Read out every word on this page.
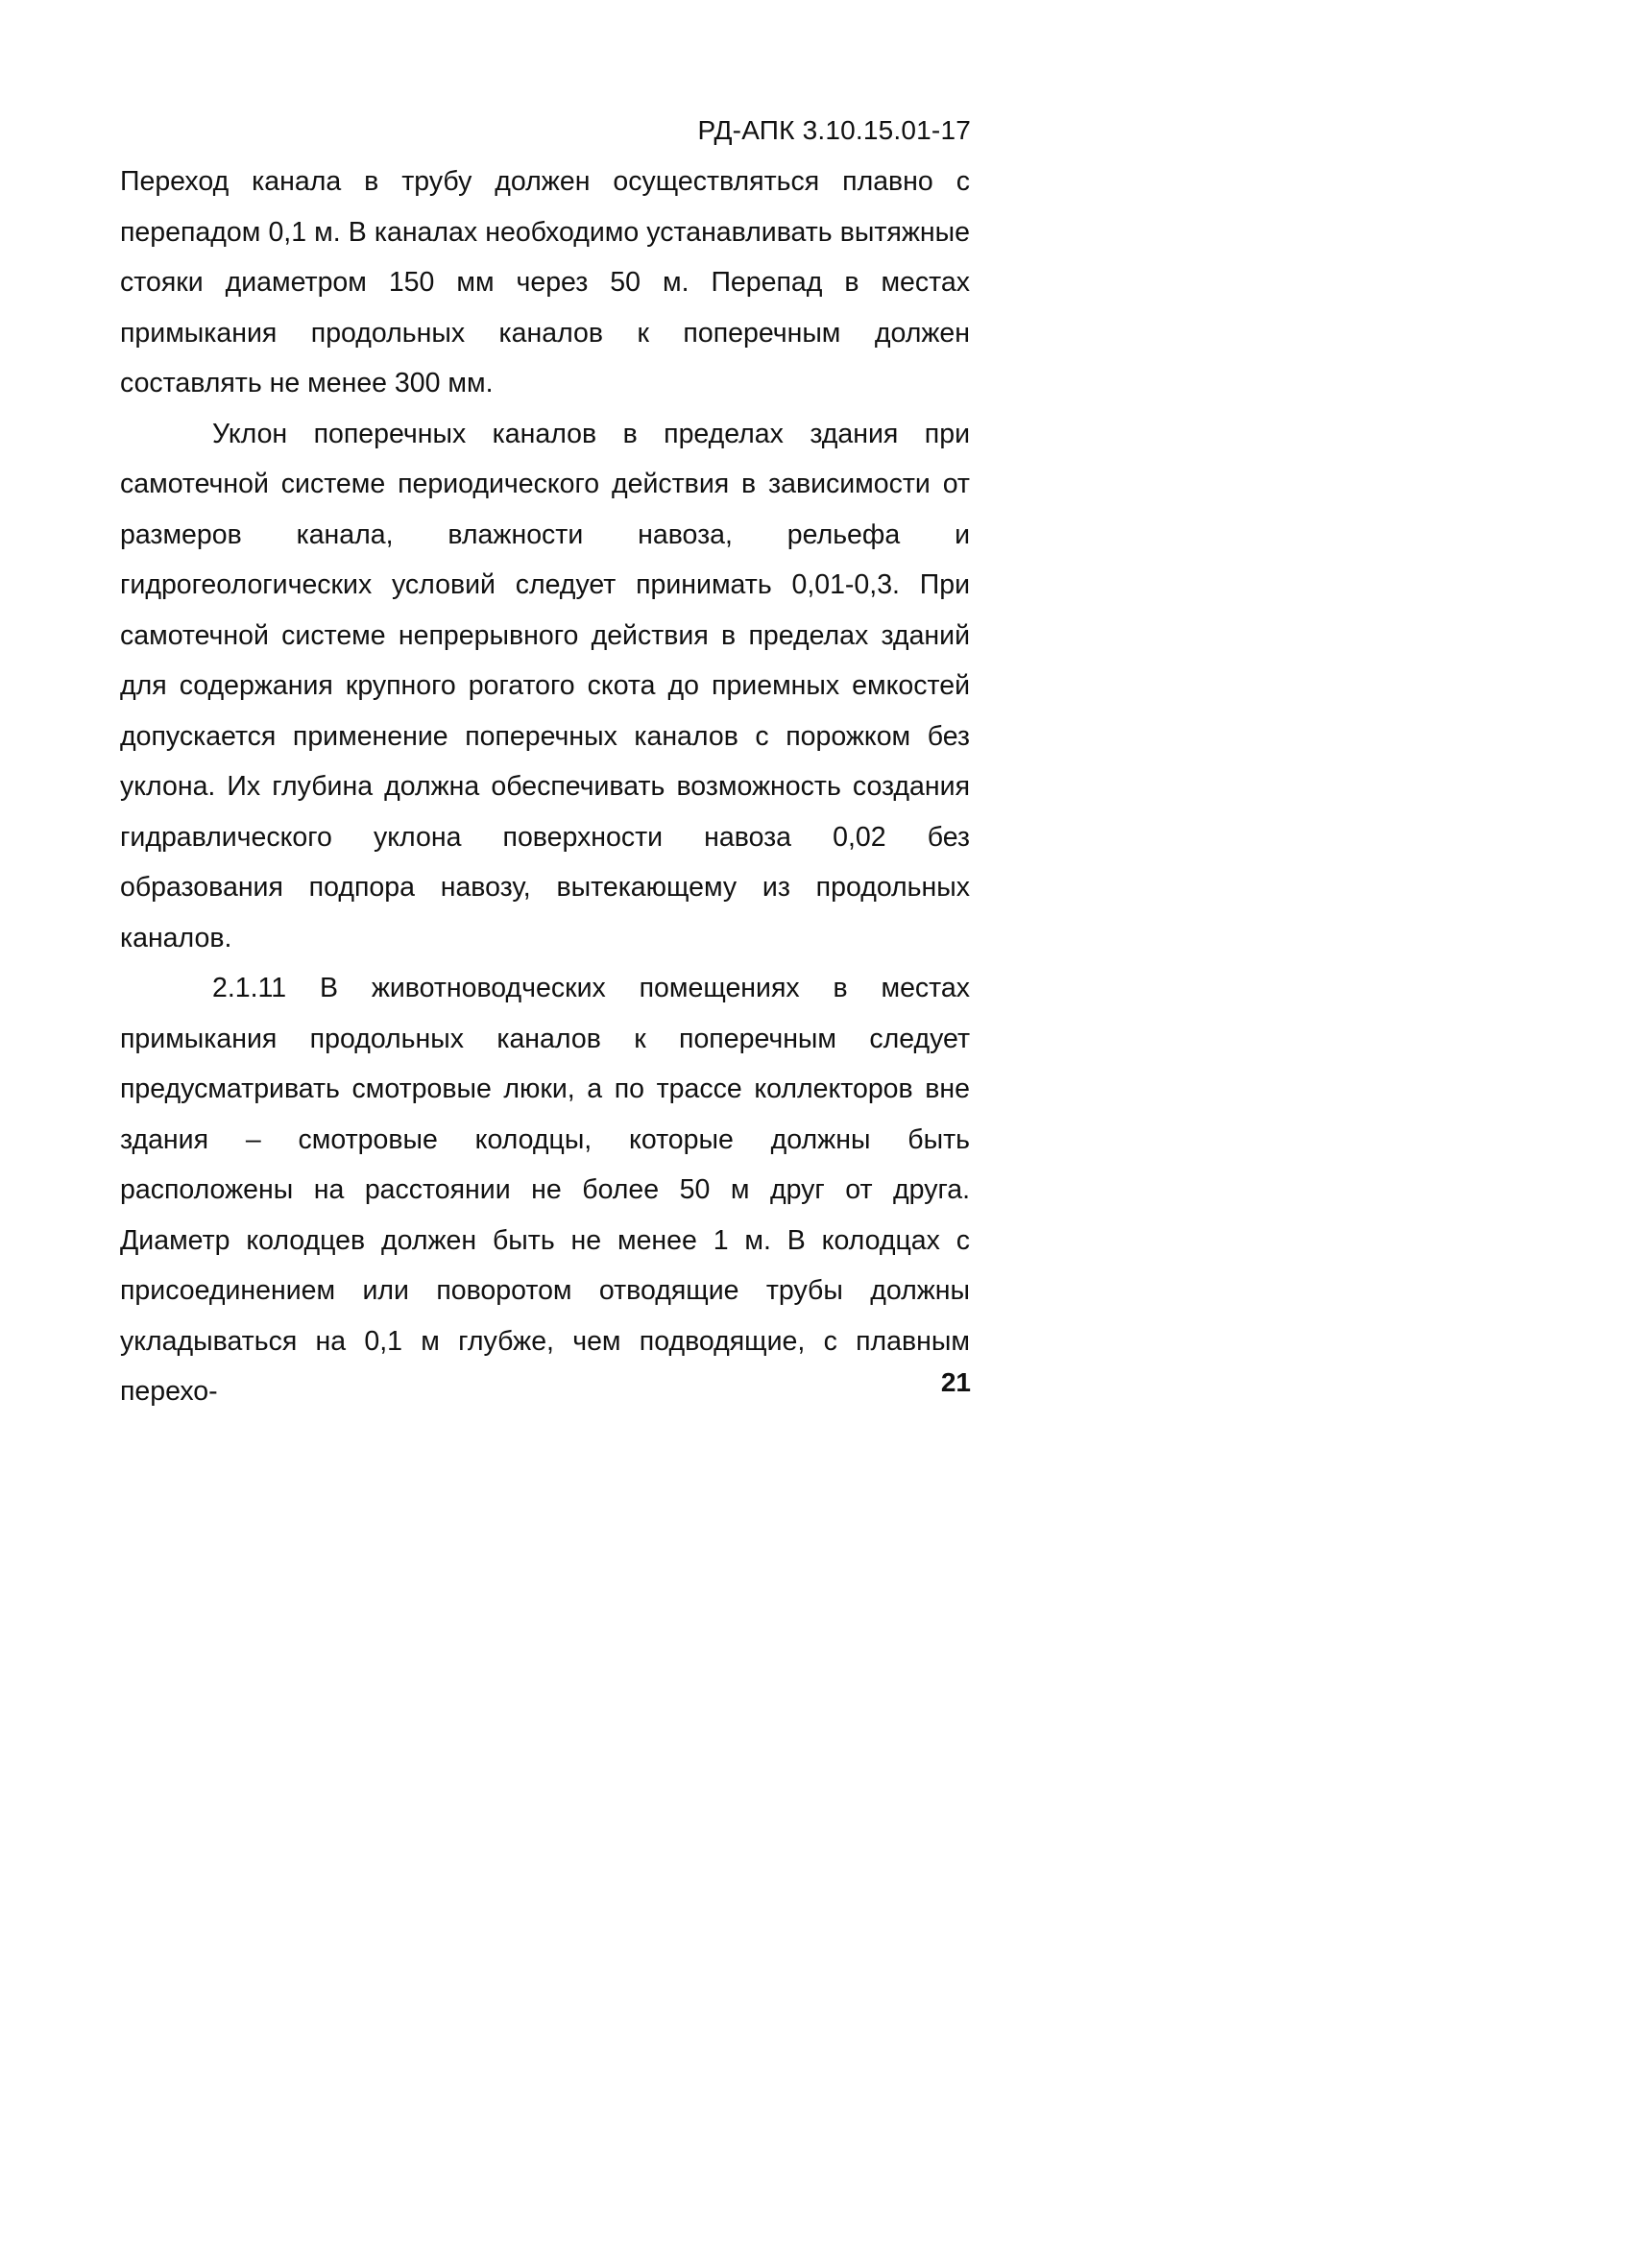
РД-АПК 3.10.15.01-17

Переход канала в трубу должен осуществляться плавно с перепадом 0,1 м. В каналах необходимо устанавливать вытяжные стояки диаметром 150 мм через 50 м. Перепад в местах примыкания продольных каналов к поперечным должен составлять не менее 300 мм.

Уклон поперечных каналов в пределах здания при самотечной системе периодического действия в зависимости от размеров канала, влажности навоза, рельефа и гидрогеологических условий следует принимать 0,01-0,3. При самотечной системе непрерывного действия в пределах зданий для содержания крупного рогатого скота до приемных емкостей допускается применение поперечных каналов с порожком без уклона. Их глубина должна обеспечивать возможность создания гидравлического уклона поверхности навоза 0,02 без образования подпора навозу, вытекающему из продольных каналов.

2.1.11 В животноводческих помещениях в местах примыкания продольных каналов к поперечным следует предусматривать смотровые люки, а по трассе коллекторов вне здания – смотровые колодцы, которые должны быть расположены на расстоянии не более 50 м друг от друга. Диаметр колодцев должен быть не менее 1 м. В колодцах с присоединением или поворотом отводящие трубы должны укладываться на 0,1 м глубже, чем подводящие, с плавным перехо-	21
